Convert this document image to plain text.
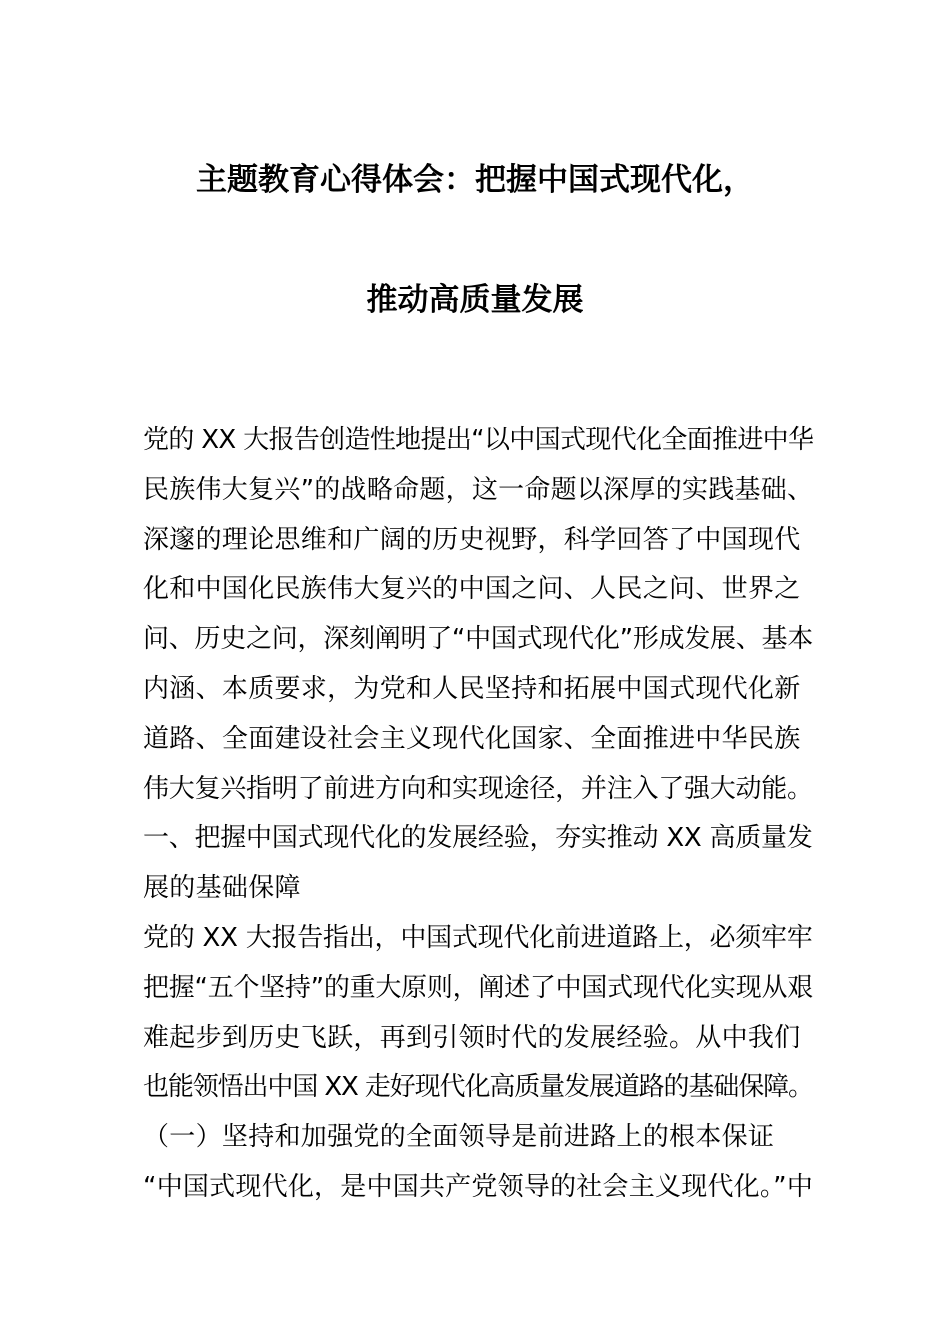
主题教育心得体会：把握中国式现代化，
推动高质量发展
党的 XX 大报告创造性地提出“以中国式现代化全面推进中华
民族伟大复兴”的战略命题，这一命题以深厚的实践基础、
深邃的理论思维和广阔的历史视野，科学回答了中国现代
化和中国化民族伟大复兴的中国之问、人民之问、世界之
问、历史之问，深刻阐明了“中国式现代化”形成发展、基本
内涵、本质要求，为党和人民坚持和拓展中国式现代化新
道路、全面建设社会主义现代化国家、全面推进中华民族
伟大复兴指明了前进方向和实现途径，并注入了强大动能。
一、把握中国式现代化的发展经验，夯实推动 XX 高质量发
展的基础保障
党的 XX 大报告指出，中国式现代化前进道路上，必须牢牢
把握“五个坚持”的重大原则，阐述了中国式现代化实现从艰
难起步到历史飞跃，再到引领时代的发展经验。从中我们
也能领悟出中国 XX 走好现代化高质量发展道路的基础保障。
（一）坚持和加强党的全面领导是前进路上的根本保证
“中国式现代化，是中国共产党领导的社会主义现代化。”中
